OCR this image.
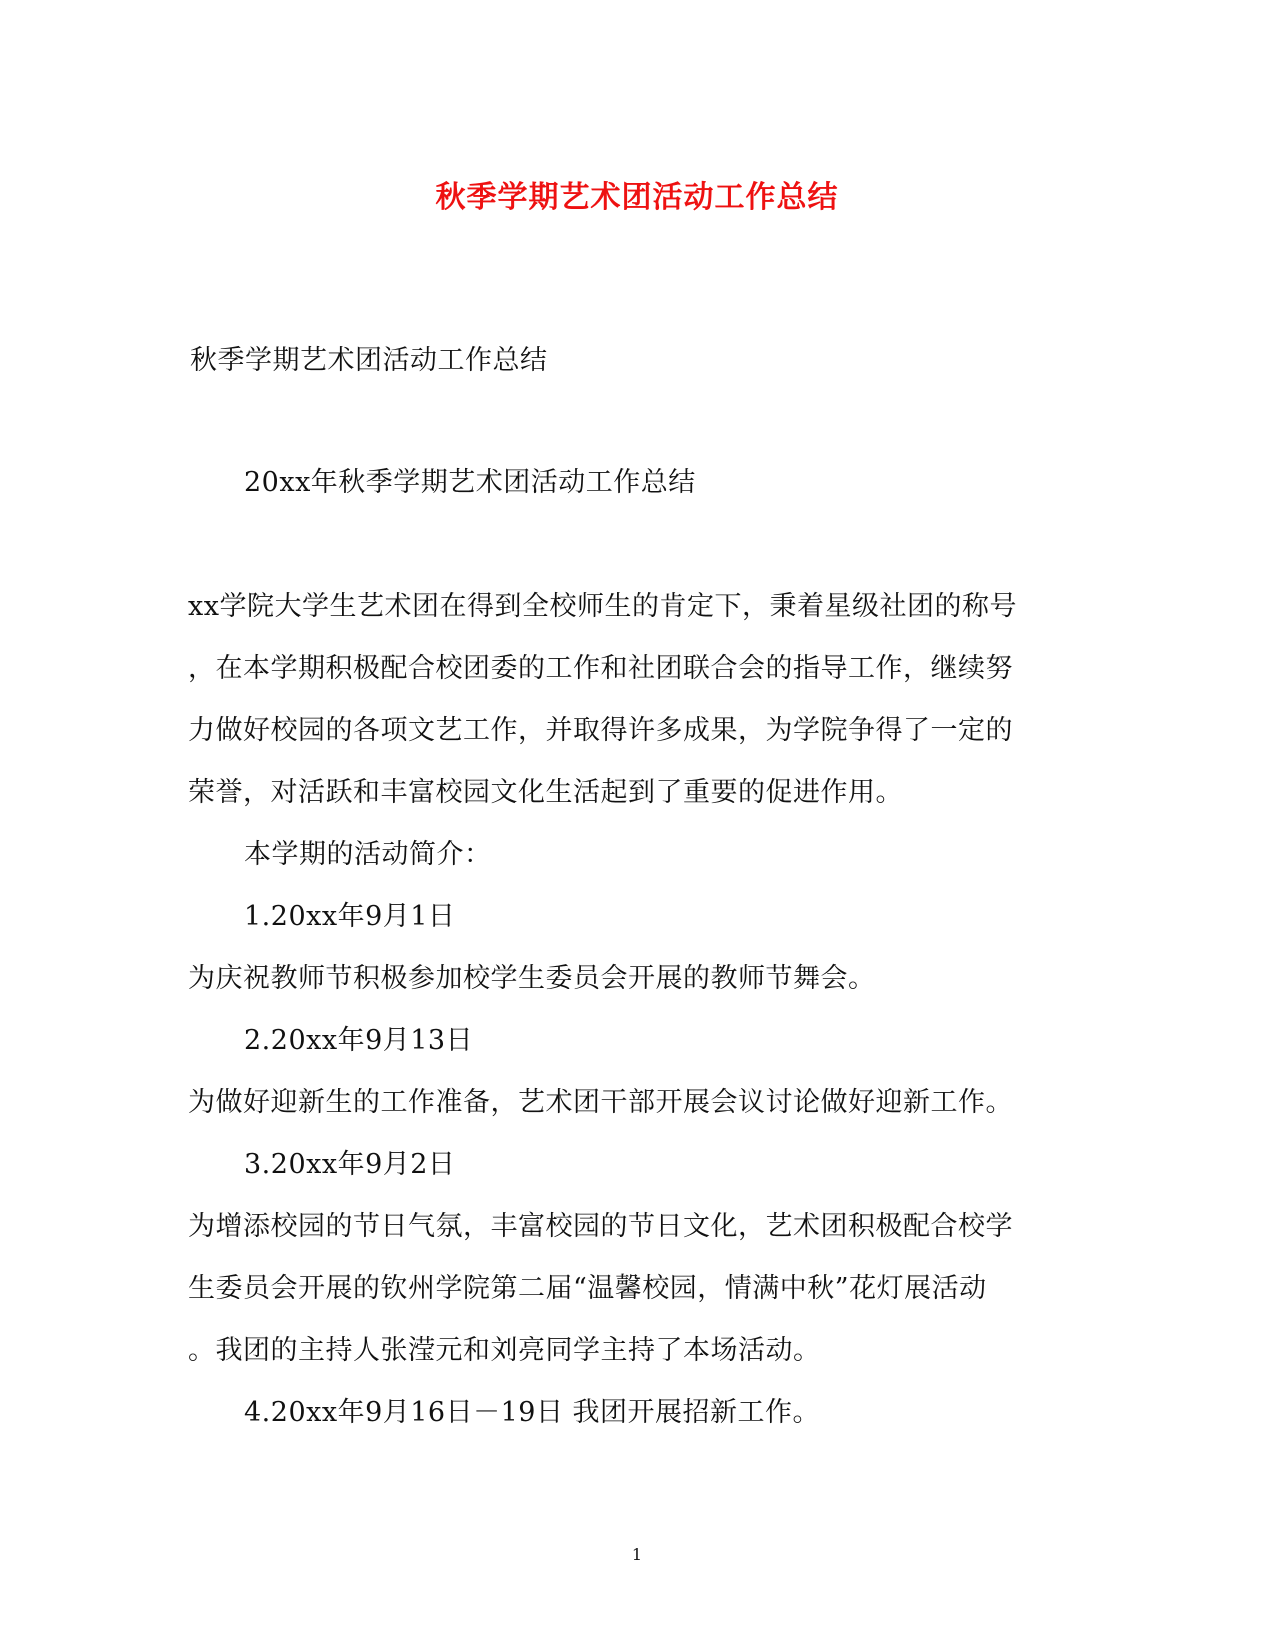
秋季学期艺术团活动工作总结
秋季学期艺术团活动工作总结
20xx年秋季学期艺术团活动工作总结
xx学院大学生艺术团在得到全校师生的肯定下，秉着星级社团的称号
，在本学期积极配合校团委的工作和社团联合会的指导工作，继续努
力做好校园的各项文艺工作，并取得许多成果，为学院争得了一定的
荣誉，对活跃和丰富校园文化生活起到了重要的促进作用。
本学期的活动简介：
1.20xx年9月1日
为庆祝教师节积极参加校学生委员会开展的教师节舞会。
2.20xx年9月13日
为做好迎新生的工作准备，艺术团干部开展会议讨论做好迎新工作。
3.20xx年9月2日
为增添校园的节日气氛，丰富校园的节日文化，艺术团积极配合校学
生委员会开展的钦州学院第二届“温馨校园，情满中秋”花灯展活动
。我团的主持人张滢元和刘亮同学主持了本场活动。
4.20xx年9月16日－19日 我团开展招新工作。
1
